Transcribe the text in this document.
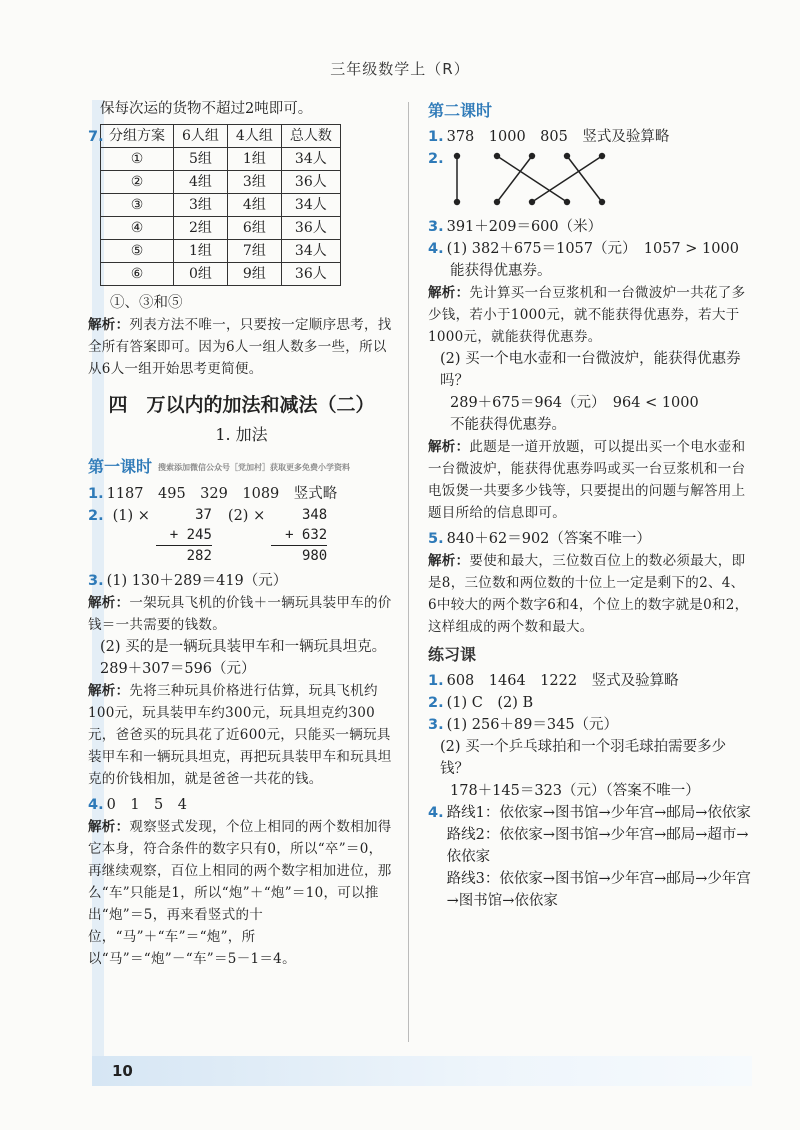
三年级数学上（R）

保每次运的货物不超过2吨即可。

7. 分组方案	6人组	4人组	总人数
①	5组	1组	34人
②	4组	3组	36人
③	3组	4组	34人
④	2组	6组	36人
⑤	1组	7组	34人
⑥	0组	9组	36人

①、③和⑤

解析：列表方法不唯一，只要按一定顺序思考，找全所有答案即可。因为6人一组人数多一些，所以从6人一组开始思考更简便。

四　万以内的加法和减法（二）
1. 加法
第一课时 搜索添加微信公众号［党加村］获取更多免费小学资料

1. 1187　495　329　1089　竖式略

2. (1) ×	37
+ 245
282
(2) ×	348
+ 632
980

3. (1) 130＋289＝419（元）

解析：一架玩具飞机的价钱＋一辆玩具装甲车的价钱＝一共需要的钱数。

(2) 买的是一辆玩具装甲车和一辆玩具坦克。289＋307＝596（元）

解析：先将三种玩具价格进行估算，玩具飞机约100元，玩具装甲车约300元，玩具坦克约300元，爸爸买的玩具花了近600元，只能买一辆玩具装甲车和一辆玩具坦克，再把玩具装甲车和玩具坦克的价钱相加，就是爸爸一共花的钱。

4. 0　1　5　4

解析：观察竖式发现，个位上相同的两个数相加得它本身，符合条件的数字只有0，所以“卒”＝0，再继续观察，百位上相同的两个数字相加进位，那么“车”只能是1，所以“炮”＋“炮”＝10，可以推出“炮”＝5，再来看竖式的十位，“马”＋“车”＝“炮”，所以“马”＝“炮”－“车”＝5－1＝4。

第二课时

1. 378　1000　805　竖式及验算略

2.

3. 391＋209＝600（米）

4. (1) 382＋675＝1057（元）　1057 > 1000

能获得优惠券。

解析：先计算买一台豆浆机和一台微波炉一共花了多少钱，若小于1000元，就不能获得优惠券，若大于1000元，就能获得优惠券。

(2) 买一个电水壶和一台微波炉，能获得优惠券吗？

289＋675＝964（元）　964 < 1000

不能获得优惠券。

解析：此题是一道开放题，可以提出买一个电水壶和一台微波炉，能获得优惠券吗或买一台豆浆机和一台电饭煲一共要多少钱等，只要提出的问题与解答用上题目所给的信息即可。

5. 840＋62＝902（答案不唯一）

解析：要使和最大，三位数百位上的数必须最大，即是8，三位数和两位数的十位上一定是剩下的2、4、6中较大的两个数字6和4，个位上的数字就是0和2，这样组成的两个数和最大。

练习课

1. 608　1464　1222　竖式及验算略

2. (1) C　(2) B

3. (1) 256＋89＝345（元）

(2) 买一个乒乓球拍和一个羽毛球拍需要多少钱？

178＋145＝323（元）（答案不唯一）

4. 路线1：依依家→图书馆→少年宫→邮局→依依家

路线2：依依家→图书馆→少年宫→邮局→超市→依依家

路线3：依依家→图书馆→少年宫→邮局→少年宫→图书馆→依依家

10
